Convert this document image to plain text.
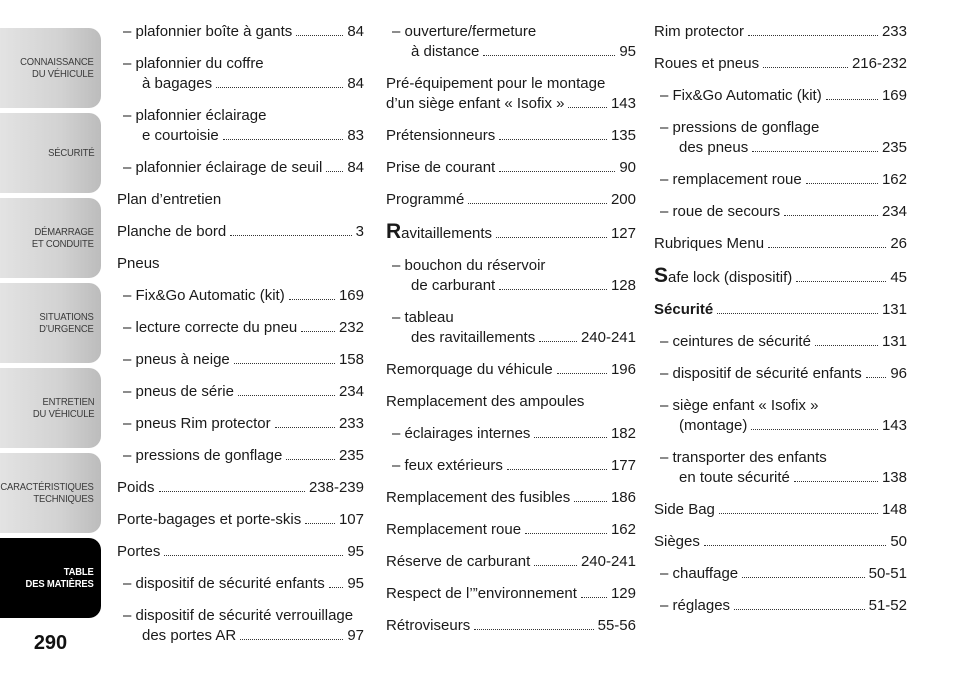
CONNAISSANCE
DU VÉHICULE
SÉCURITÉ
DÉMARRAGE
ET CONDUITE
SITUATIONS
D’URGENCE
ENTRETIEN
DU VÉHICULE
CARACTÉRISTIQUES
TECHNIQUES
TABLE
DES MATIÈRES
290
– plafonnier boîte à gants	84
– plafonnier du coffre
à bagages	84
– plafonnier éclairage
e courtoisie	83
– plafonnier éclairage de seuil 84
Plan d’entretien
Planche de bord	3
Pneus
– Fix&Go Automatic (kit)	169
– lecture correcte du pneu	232
– pneus à neige	158
– pneus de série	234
– pneus Rim protector	233
– pressions de gonflage	235
Poids	238-239
Porte-bagages et porte-skis	107
Portes	95
– dispositif de sécurité enfants 95
– dispositif de sécurité verrouillage
des portes AR	97
– ouverture/fermeture
à distance	95
Pré-équipement pour le montage
d’un siège enfant « Isofix »	143
Prétensionneurs	135
Prise de courant	90
Programmé	200
Ravitaillements	127
– bouchon du réservoir
de carburant	128
– tableau
des ravitaillements	240-241
Remorquage du véhicule	196
Remplacement des ampoules
– éclairages internes	182
– feux extérieurs	177
Remplacement des fusibles	186
Remplacement roue	162
Réserve de carburant	240-241
Respect de l’”environnement 129
Rétroviseurs	55-56
Rim protector	233
Roues et pneus	216-232
– Fix&Go Automatic (kit)	169
– pressions de gonflage
des pneus	235
– remplacement roue	162
– roue de secours	234
Rubriques Menu	26
Safe lock (dispositif)	45
Sécurité	131
– ceintures de sécurité	131
– dispositif de sécurité enfants 96
– siège enfant « Isofix »
(montage)	143
– transporter des enfants
en toute sécurité	138
Side Bag	148
Sièges	50
– chauffage	50-51
– réglages	51-52
